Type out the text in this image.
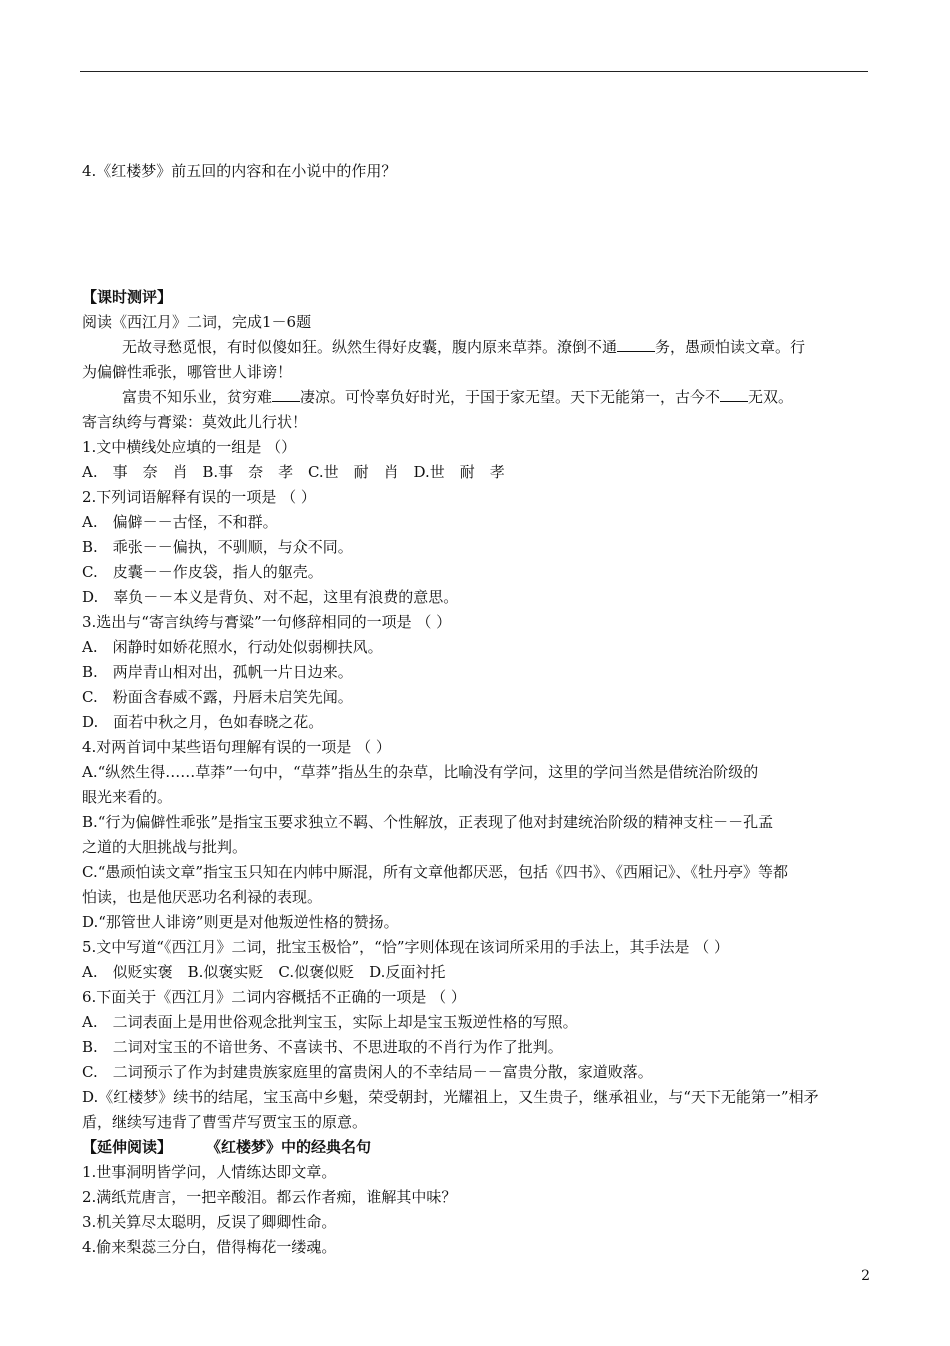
4.《红楼梦》前五回的内容和在小说中的作用？
【课时测评】
阅读《西江月》二词，完成1－6题
无故寻愁觅恨，有时似傻如狂。纵然生得好皮囊，腹内原来草莽。潦倒不通	务，愚顽怕读文章。行
为偏僻性乖张，哪管世人诽谤！
富贵不知乐业，贫穷难 凄凉。可怜辜负好时光，于国于家无望。天下无能第一，古今不 无双。
寄言纨绔与膏粱：莫效此儿行状！
1.文中横线处应填的一组是 （）
A.　事　奈　肖 B.事　奈　孝 C.世　耐　肖 D.世　耐　孝
2.下列词语解释有误的一项是 （ ）
A.　偏僻－－古怪，不和群。
B.　乖张－－偏执，不驯顺，与众不同。
C.　皮囊－－作皮袋，指人的躯壳。
D.　辜负－－本义是背负、对不起，这里有浪费的意思。
3.选出与“寄言纨绔与膏粱”一句修辞相同的一项是 （ ）
A.　闲静时如娇花照水，行动处似弱柳扶风。
B.　两岸青山相对出，孤帆一片日边来。
C.　粉面含春威不露，丹唇未启笑先闻。
D.　面若中秋之月，色如春晓之花。
4.对两首词中某些语句理解有误的一项是 （ ）
A.“纵然生得……草莽”一句中，“草莽”指丛生的杂草，比喻没有学问，这里的学问当然是借统治阶级的
眼光来看的。
B.“行为偏僻性乖张”是指宝玉要求独立不羁、个性解放，正表现了他对封建统治阶级的精神支柱－－孔孟
之道的大胆挑战与批判。
C.“愚顽怕读文章”指宝玉只知在内帏中厮混，所有文章他都厌恶，包括《四书》、《西厢记》、《牡丹亭》等都
怕读，也是他厌恶功名利禄的表现。
D.“那管世人诽谤”则更是对他叛逆性格的赞扬。
5.文中写道“《西江月》二词，批宝玉极恰”，“恰”字则体现在该词所采用的手法上，其手法是 （ ）
A.　似贬实褒　B.似褒实贬　C.似褒似贬　D.反面衬托
6.下面关于《西江月》二词内容概括不正确的一项是 （ ）
A.　二词表面上是用世俗观念批判宝玉，实际上却是宝玉叛逆性格的写照。
B.　二词对宝玉的不谙世务、不喜读书、不思进取的不肖行为作了批判。
C.　二词预示了作为封建贵族家庭里的富贵闲人的不幸结局－－富贵分散，家道败落。
D.《红楼梦》续书的结尾，宝玉高中乡魁，荣受朝封，光耀祖上，又生贵子，继承祖业，与“天下无能第一”相矛
盾，继续写违背了曹雪芹写贾宝玉的原意。
【延伸阅读】 《红楼梦》中的经典名句
1.世事洞明皆学问，人情练达即文章。
2.满纸荒唐言，一把辛酸泪。都云作者痴，谁解其中味？
3.机关算尽太聪明，反误了卿卿性命。
4.偷来梨蕊三分白，借得梅花一缕魂。
2
